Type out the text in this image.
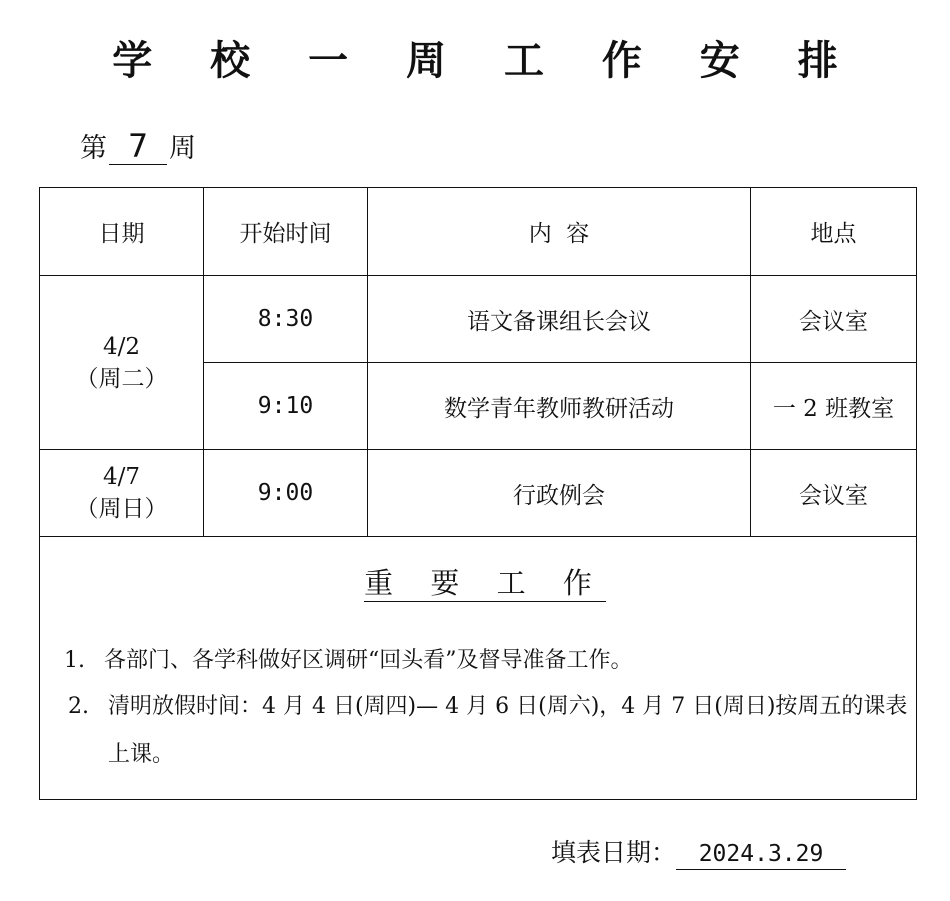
学 校 一 周 工 作 安 排
第 7 周
日期	开始时间	内  容	地点

4/2
（周二）	8:30	语文备课组长会议	会议室
	9:10	数学青年教师教研活动	一 2 班教室

4/7
（周日）	9:00	行政例会	会议室

重 要 工 作
1. 各部门、各学科做好区调研“回头看”及督导准备工作。
2. 清明放假时间：4 月 4 日(周四)— 4 月 6 日(周六)，4 月 7 日(周日)按周五的课表上课。			
填表日期： 2024.3.29
